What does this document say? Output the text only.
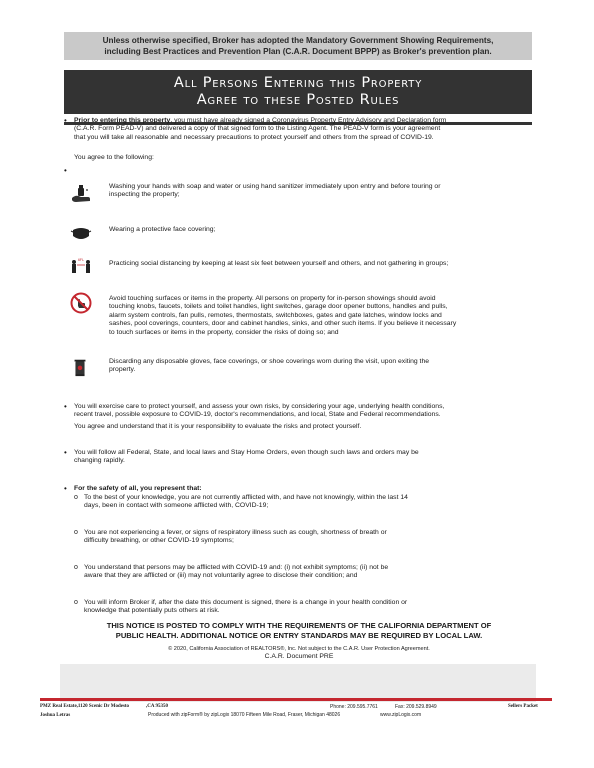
Unless otherwise specified, Broker has adopted the Mandatory Government Showing Requirements,
including Best Practices and Prevention Plan (C.A.R. Document BPPP) as Broker's prevention plan.
All Persons Entering this Property
Agree to these Posted Rules
• Prior to entering this property, you must have already signed a Coronavirus Property Entry Advisory and Declaration form
(C.A.R. Form PEAD-V) and delivered a copy of that signed form to the Listing Agent. The PEAD-V form is your agreement
that you will take all reasonable and necessary precautions to protect yourself and others from the spread of COVID-19.
You agree to the following:
•
Washing your hands with soap and water or using hand sanitizer immediately upon entry and before touring or
inspecting the property;
Wearing a protective face covering;
6FL	Practicing social distancing by keeping at least six feet between yourself and others, and not gathering in groups;
Avoid touching surfaces or items in the property. All persons on property for in-person showings should avoid
touching knobs, faucets, toilets and toilet handles, light switches, garage door opener buttons, handles and pulls,
alarm system controls, fan pulls, remotes, thermostats, switchboxes, gates and gate latches, window locks and
sashes, pool coverings, counters, door and cabinet handles, sinks, and other such items. If you believe it necessary
to touch surfaces or items in the property, consider the risks of doing so; and
Discarding any disposable gloves, face coverings, or shoe coverings worn during the visit, upon exiting the
property.
• You will exercise care to protect yourself, and assess your own risks, by considering your age, underlying health conditions,
recent travel, possible exposure to COVID-19, doctor's recommendations, and local, State and Federal recommendations.
You agree and understand that it is your responsibility to evaluate the risks and protect yourself.
• You will follow all Federal, State, and local laws and Stay Home Orders, even though such laws and orders may be
changing rapidly.
• For the safety of all, you represent that:
o To the best of your knowledge, you are not currently afflicted with, and have not knowingly, within the last 14
days, been in contact with someone afflicted with, COVID-19;
o You are not experiencing a fever, or signs of respiratory illness such as cough, shortness of breath or
difficulty breathing, or other COVID-19 symptoms;
o You understand that persons may be afflicted with COVID-19 and: (i) not exhibit symptoms; (ii) not be
aware that they are afflicted or (iii) may not voluntarily agree to disclose their condition; and
o You will inform Broker if, after the date this document is signed, there is a change in your health condition or
knowledge that potentially puts others at risk.
THIS NOTICE IS POSTED TO COMPLY WITH THE REQUIREMENTS OF THE CALIFORNIA DEPARTMENT OF
PUBLIC HEALTH. ADDITIONAL NOTICE OR ENTRY STANDARDS MAY BE REQUIRED BY LOCAL LAW.
© 2020, California Association of REALTORS®, Inc. Not subject to the C.A.R. User Protection Agreement.
C.A.R. Document PRE
PMZ Real Estate,1120 Scenic Dr Modesto	,CA 95350	Phone: 209.595.7761	Fax: 209.529.8949	Sellers Packet
Joshua Letras	Produced with zipForm® by zipLogix 18070 Fifteen Mile Road, Fraser, Michigan 48026	www.zipLogix.com
